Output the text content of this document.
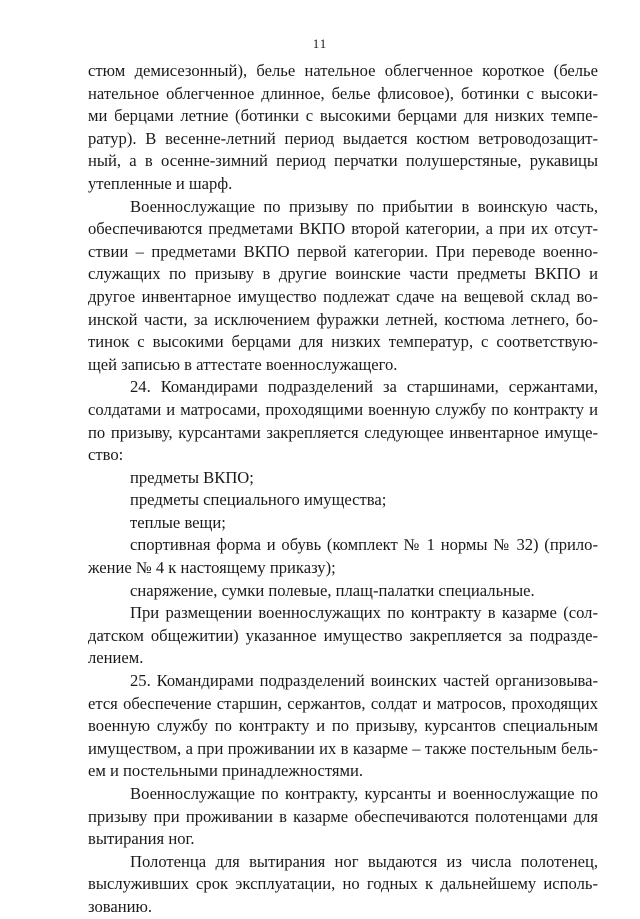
11

стюм демисезонный), белье нательное облегченное короткое (белье

нательное облегченное длинное, белье флисовое), ботинки с высоки-

ми берцами летние (ботинки с высокими берцами для низких темпе-

ратур). В весенне-летний период выдается костюм ветроводозащит-

ный, а в осенне-зимний период перчатки полушерстяные, рукавицы

утепленные и шарф.

Военнослужащие по призыву по прибытии в воинскую часть,

обеспечиваются предметами ВКПО второй категории, а при их отсут-

ствии – предметами ВКПО первой категории. При переводе военно-

служащих по призыву в другие воинские части предметы ВКПО и

другое инвентарное имущество подлежат сдаче на вещевой склад во-

инской части, за исключением фуражки летней, костюма летнего, бо-

тинок с высокими берцами для низких температур, с соответствую-

щей записью в аттестате военнослужащего.

24. Командирами подразделений за старшинами, сержантами,

солдатами и матросами, проходящими военную службу по контракту и

по призыву, курсантами закрепляется следующее инвентарное имуще-

ство:

предметы ВКПО;

предметы специального имущества;

теплые вещи;

спортивная форма и обувь (комплект № 1 нормы № 32) (прило-

жение № 4 к настоящему приказу);

снаряжение, сумки полевые, плащ-палатки специальные.

При размещении военнослужащих по контракту в казарме (сол-

датском общежитии) указанное имущество закрепляется за подразде-

лением.

25. Командирами подразделений воинских частей организовыва-

ется обеспечение старшин, сержантов, солдат и матросов, проходящих

военную службу по контракту и по призыву, курсантов специальным

имуществом, а при проживании их в казарме – также постельным бель-

ем и постельными принадлежностями.

Военнослужащие по контракту, курсанты и военнослужащие по

призыву при проживании в казарме обеспечиваются полотенцами для

вытирания ног.

Полотенца для вытирания ног выдаются из числа полотенец,

выслуживших срок эксплуатации, но годных к дальнейшему исполь-

зованию.
